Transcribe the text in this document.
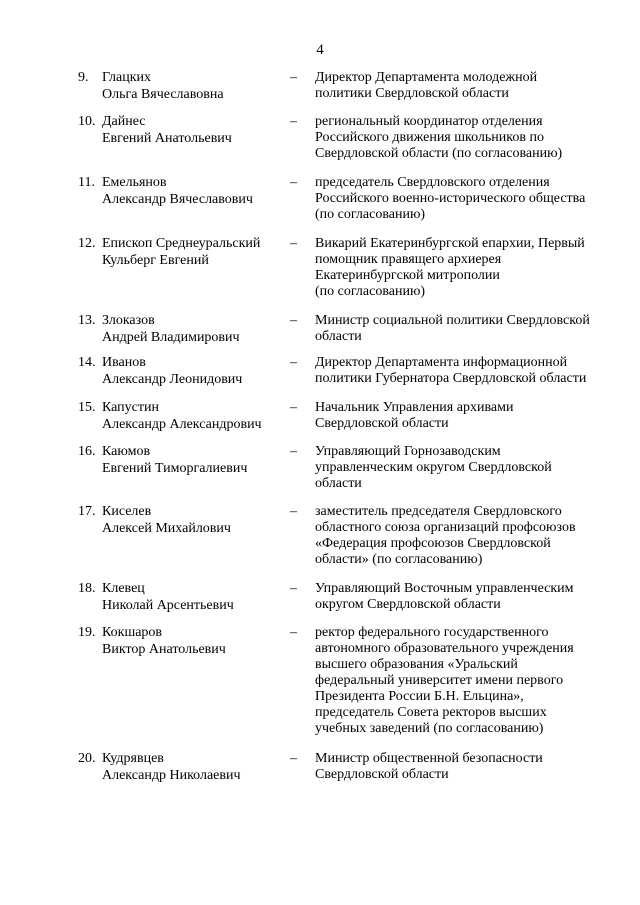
4
9. Глацких
Ольга Вячеславовна
– Директор Департамента молодежной
политики Свердловской области
10. Дайнес
Евгений Анатольевич
– региональный координатор отделения
Российского движения школьников по
Свердловской области (по согласованию)
11. Емельянов
Александр Вячеславович
– председатель Свердловского отделения
Российского военно-исторического общества
(по согласованию)
12. Епископ Среднеуральский
Кульберг Евгений
– Викарий Екатеринбургской епархии, Первый
помощник правящего архиерея
Екатеринбургской митрополии
(по согласованию)
13. Злоказов
Андрей Владимирович
– Министр социальной политики Свердловской
области
14. Иванов
Александр Леонидович
– Директор Департамента информационной
политики Губернатора Свердловской области
15. Капустин
Александр Александрович
– Начальник Управления архивами
Свердловской области
16. Каюмов
Евгений Тиморгалиевич
– Управляющий Горнозаводским
управленческим округом Свердловской
области
17. Киселев
Алексей Михайлович
– заместитель председателя Свердловского
областного союза организаций профсоюзов
«Федерация профсоюзов Свердловской
области» (по согласованию)
18. Клевец
Николай Арсентьевич
– Управляющий Восточным управленческим
округом Свердловской области
19. Кокшаров
Виктор Анатольевич
– ректор федерального государственного
автономного образовательного учреждения
высшего образования «Уральский
федеральный университет имени первого
Президента России Б.Н. Ельцина»,
председатель Совета ректоров высших
учебных заведений (по согласованию)
20. Кудрявцев
Александр Николаевич
– Министр общественной безопасности
Свердловской области
